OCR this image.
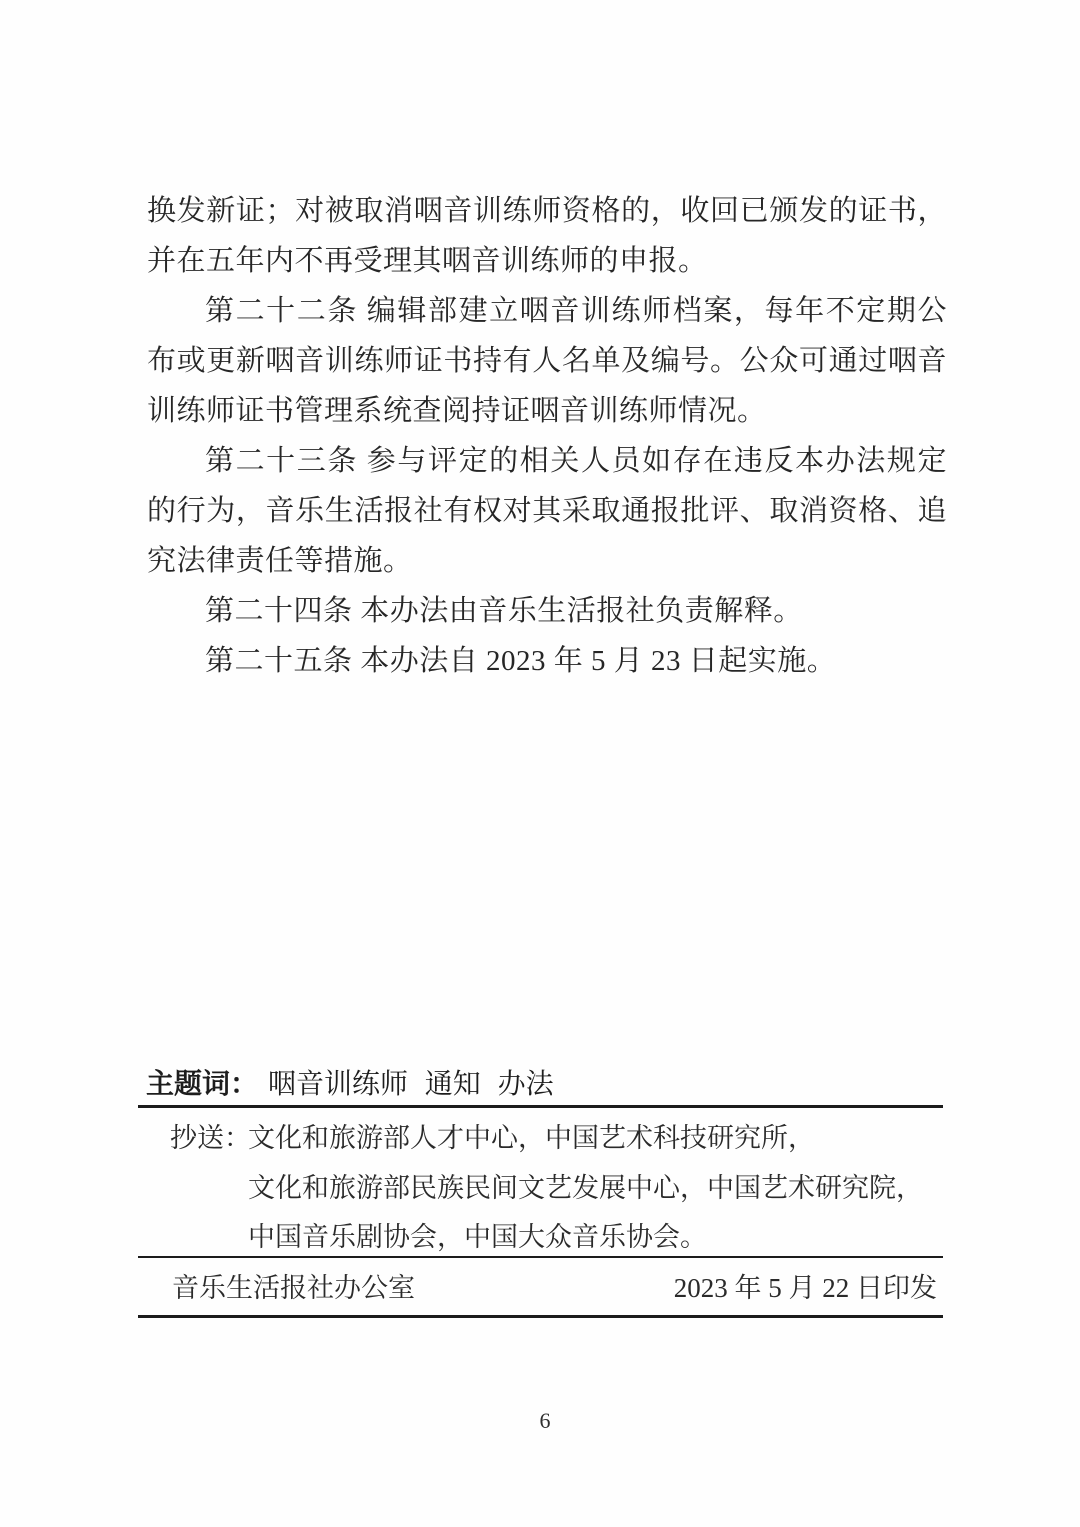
换发新证；对被取消咽音训练师资格的，收回已颁发的证书，并在五年内不再受理其咽音训练师的申报。

第二十二条 编辑部建立咽音训练师档案，每年不定期公布或更新咽音训练师证书持有人名单及编号。公众可通过咽音训练师证书管理系统查阅持证咽音训练师情况。

第二十三条 参与评定的相关人员如存在违反本办法规定的行为，音乐生活报社有权对其采取通报批评、取消资格、追究法律责任等措施。

第二十四条 本办法由音乐生活报社负责解释。

第二十五条 本办法自 2023 年 5 月 23 日起实施。

主题词： 咽音训练师 通知 办法
抄送：文化和旅游部人才中心，中国艺术科技研究所，
文化和旅游部民族民间文艺发展中心，中国艺术研究院，
中国音乐剧协会，中国大众音乐协会。
音乐生活报社办公室	2023 年 5 月 22 日印发
6
